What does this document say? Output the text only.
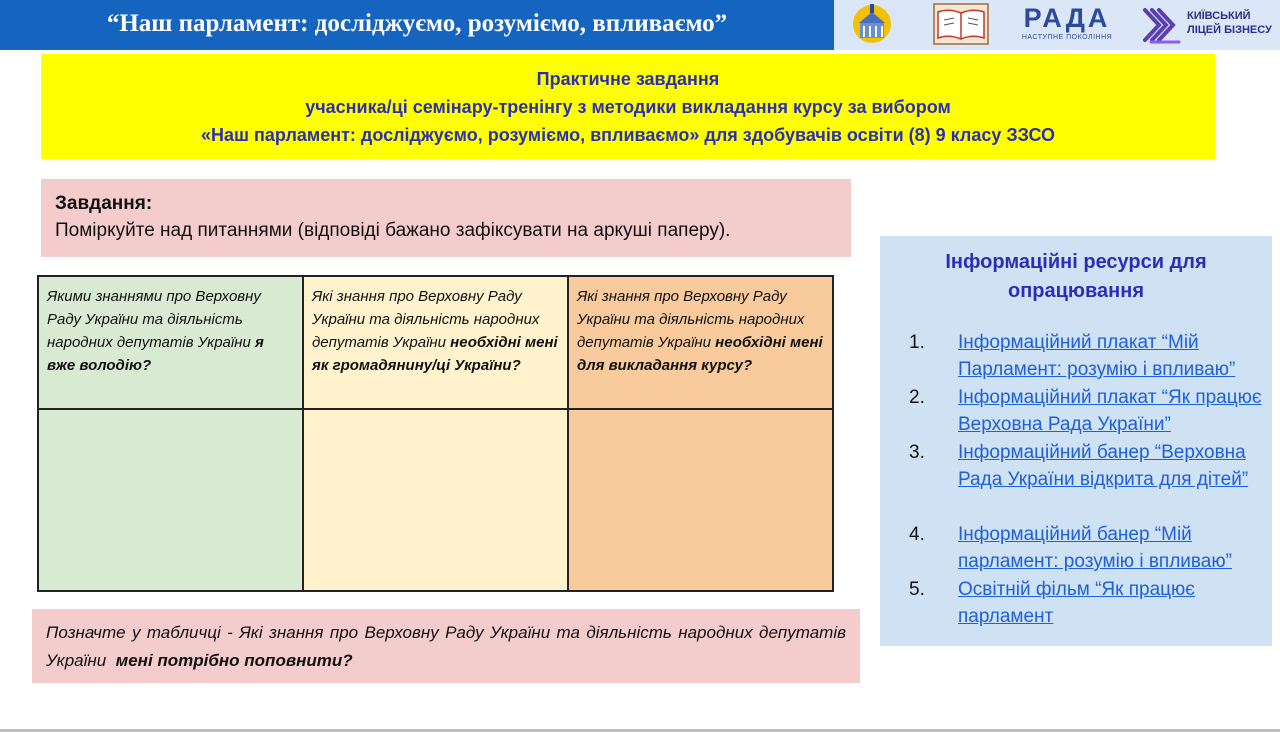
“Наш парламент: досліджуємо, розуміємо, впливаємо”	РАДА
НАСТУПНЕ ПОКОЛІННЯ
КИЇВСЬКИЙ
ЛІЦЕЙ БІЗНЕСУ
Практичне завдання
учасника/ці семінару-тренінгу з методики викладання курсу за вибором
«Наш парламент: досліджуємо, розуміємо, впливаємо» для здобувачів освіти (8) 9 класу ЗЗСО
Завдання:
Поміркуйте над питаннями (відповіді бажано зафіксувати на аркуші паперу).
Якими знаннями про Верховну Раду України та діяльність народних депутатів України я вже володію?	Які знання про Верховну Раду України та діяльність народних депутатів України необхідні мені як громадянину/ці України?	Які знання про Верховну Раду України та діяльність народних депутатів України необхідні мені для викладання курсу?

Позначте у табличці - Які знання про Верховну Раду України та діяльність народних депутатів України мені потрібно поповнити?
Інформаційні ресурси для опрацювання
1. Інформаційний плакат “Мій Парламент: розумію і впливаю”
2. Інформаційний плакат “Як працює Верховна Рада України”
3. Інформаційний банер “Верховна Рада України відкрита для дітей”
4. Інформаційний банер “Мій парламент: розумію і впливаю”
5. Освітній фільм “Як працює парламент
